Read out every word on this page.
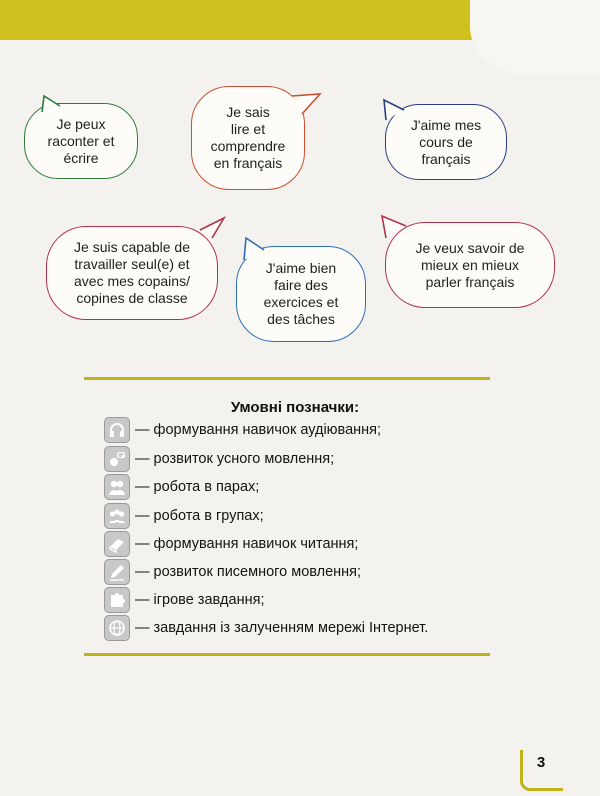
Je peux
raconter et
écrire
Je sais
lire et
comprendre
en français
J'aime mes
cours de
français
Je suis capable de
travailler seul(e) et
avec mes copains/
copines de classe
J'aime bien
faire des
exercices et
des tâches
Je veux savoir de
mieux en mieux
parler français
Умовні позначки:
— формування навичок аудіювання;
— розвиток усного мовлення;
— робота в парах;
— робота в групах;
— формування навичок читання;
— розвиток писемного мовлення;
— ігрове завдання;
— завдання із залученням мережі Інтернет.
3
